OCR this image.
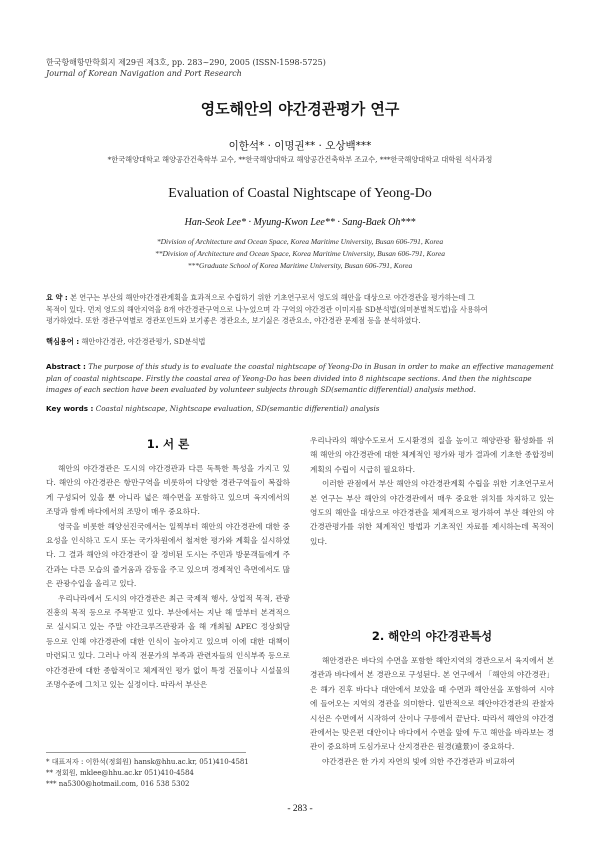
한국항해항만학회지 제29권 제3호, pp. 283~290, 2005 (ISSN-1598-5725)
Journal of Korean Navigation and Port Research
영도해안의 야간경관평가 연구
이한석* · 이명권** · 오상백***
*한국해양대학교 해양공간건축학부 교수, **한국해양대학교 해양공간건축학부 조교수, ***한국해양대학교 대학원 석사과정
Evaluation of Coastal Nightscape of Yeong-Do
Han-Seok Lee* · Myung-Kwon Lee** · Sang-Baek Oh***
*Division of Architecture and Ocean Space, Korea Maritime University, Busan 606-791, Korea
**Division of Architecture and Ocean Space, Korea Maritime University, Busan 606-791, Korea
***Graduate School of Korea Maritime University, Busan 606-791, Korea
요 약 : 본 연구는 부산의 해안야간경관계획을 효과적으로 수립하기 위한 기초연구로서 영도의 해안을 대상으로 야간경관을 평가하는데 그
목적이 있다. 먼저 영도의 해안지역을 8개 야간경관구역으로 나누었으며 각 구역의 야간경관 이미지를 SD분석법(의미분별척도법)을 사용하여
평가하였다. 또한 경관구역별로 경관포인트와 보기좋은 경관요소, 보기싫은 경관요소, 야간경관 문제점 등을 분석하였다.
핵심용어 : 해안야간경관, 야간경관평가, SD분석법
Abstract : The purpose of this study is to evaluate the coastal nightscape of Yeong-Do in Busan in order to make an effective management
plan of coastal nightscape. Firstly the coastal area of Yeong-Do has been divided into 8 nightscape sections. And then the nightscape
images of each section have been evaluated by volunteer subjects through SD(semantic differential) analysis method.
Key words : Coastal nightscape, Nightscape evaluation, SD(semantic differential) analysis
1. 서 론

해안의 야간경관은 도시의 야간경관과 다른 독특한 특성을 가지고 있다. 해안의 야간경관은 항만구역을 비롯하여 다양한 경관구역들이 복잡하게 구성되어 있을 뿐 아니라 넓은 해수면을 포함하고 있으며 육지에서의 조망과 함께 바다에서의 조망이 매우 중요하다.

영국을 비롯한 해양선진국에서는 일찍부터 해안의 야간경관에 대한 중요성을 인식하고 도시 또는 국가차원에서 철저한 평가와 계획을 실시하였다. 그 결과 해안의 야간경관이 잘 정비된 도시는 주민과 방문객들에게 주간과는 다른 모습의 즐거움과 감동을 주고 있으며 경제적인 측면에서도 많은 관광수입을 올리고 있다.

우리나라에서 도시의 야간경관은 최근 국제적 행사, 상업적 목적, 관광 진흥의 목적 등으로 주목받고 있다. 부산에서는 지난 해 말부터 본격적으로 실시되고 있는 주말 야간크루즈관광과 올 해 개최될 APEC 정상회담 등으로 인해 야간경관에 대한 인식이 높아지고 있으며 이에 대한 대책이 마련되고 있다. 그러나 아직 전문가의 부족과 관련자들의 인식부족 등으로 야간경관에 대한 종합적이고 체계적인 평가 없이 특정 건물이나 시설물의 조명수준에 그치고 있는 실정이다. 따라서 부산은

* 대표저자 : 이한석(정회원) hansk@hhu.ac.kr, 051)410-4581
** 정회원, mklee@hhu.ac.kr 051)410-4584
*** na5300@hotmail.com, 016 538 5302

우리나라의 해양수도로서 도시환경의 질을 높이고 해양관광 활성화를 위해 해안의 야간경관에 대한 체계적인 평가와 평가 결과에 기초한 종합정비계획의 수립이 시급히 필요하다.

이러한 관점에서 부산 해안의 야간경관계획 수립을 위한 기초연구로서 본 연구는 부산 해안의 야간경관에서 매우 중요한 위치를 차지하고 있는 영도의 해안을 대상으로 야간경관을 체계적으로 평가하여 부산 해안의 야간경관평가를 위한 체계적인 방법과 기초적인 자료를 제시하는데 목적이 있다.

2. 해안의 야간경관특성

해안경관은 바다의 수면을 포함한 해안지역의 경관으로서 육지에서 본 경관과 바다에서 본 경관으로 구성된다. 본 연구에서 「해안의 야간경관」은 해가 진후 바다나 대안에서 보았을 때 수면과 해안선을 포함하여 시야에 들어오는 지역의 경관을 의미한다. 일반적으로 해안야간경관의 관찰자 시선은 수면에서 시작하여 산이나 구릉에서 끝난다. 따라서 해안의 야간경관에서는 맞은편 대안이나 바다에서 수면을 앞에 두고 해안을 바라보는 경관이 중요하며 도심가로나 산지경관은 원경(遠景)이 중요하다.

야간경관은 한 가지 자연의 빛에 의한 주간경관과 비교하여

- 283 -
